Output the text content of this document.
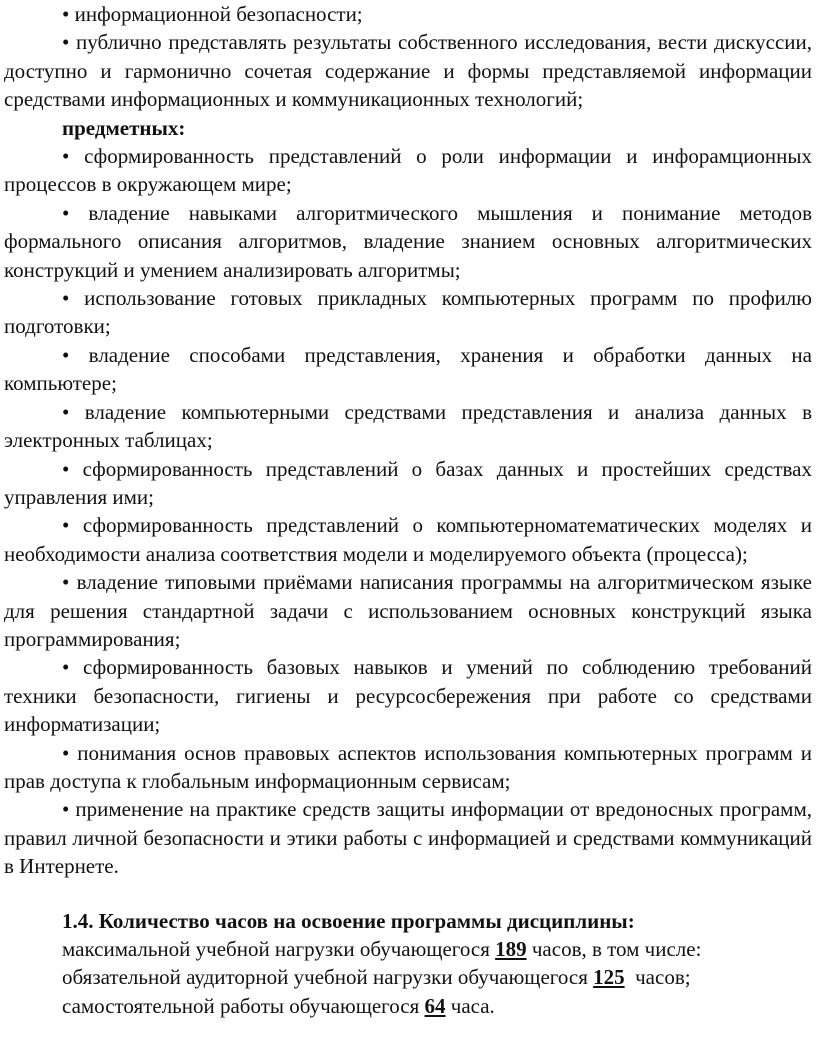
• информационной безопасности;

• публично представлять результаты собственного исследования, вести дискуссии, доступно и гармонично сочетая содержание и формы представляемой информации средствами информационных и коммуникационных технологий;

предметных:

• сформированность представлений о роли информации и инфорамционных процессов в окружающем мире;

• владение навыками алгоритмического мышления и понимание методов формального описания алгоритмов, владение знанием основных алгоритмических конструкций и умением анализировать алгоритмы;

• использование готовых прикладных компьютерных программ по профилю подготовки;

• владение способами представления, хранения и обработки данных на компьютере;

• владение компьютерными средствами представления и анализа данных в электронных таблицах;

• сформированность представлений о базах данных и простейших средствах управления ими;

• сформированность представлений о компьютерноматематических моделях и необходимости анализа соответствия модели и моделируемого объекта (процесса);

• владение типовыми приёмами написания программы на алгоритмическом языке для решения стандартной задачи с использованием основных конструкций языка программирования;

• сформированность базовых навыков и умений по соблюдению требований техники безопасности, гигиены и ресурсосбережения при работе со средствами информатизации;

• понимания основ правовых аспектов использования компьютерных программ и прав доступа к глобальным информационным сервисам;

• применение на практике средств защиты информации от вредоносных программ, правил личной безопасности и этики работы с информацией и средствами коммуникаций в Интернете.

1.4. Количество часов на освоение программы дисциплины:

максимальной учебной нагрузки обучающегося 189 часов, в том числе:

обязательной аудиторной учебной нагрузки обучающегося 125  часов;

самостоятельной работы обучающегося 64 часа.
